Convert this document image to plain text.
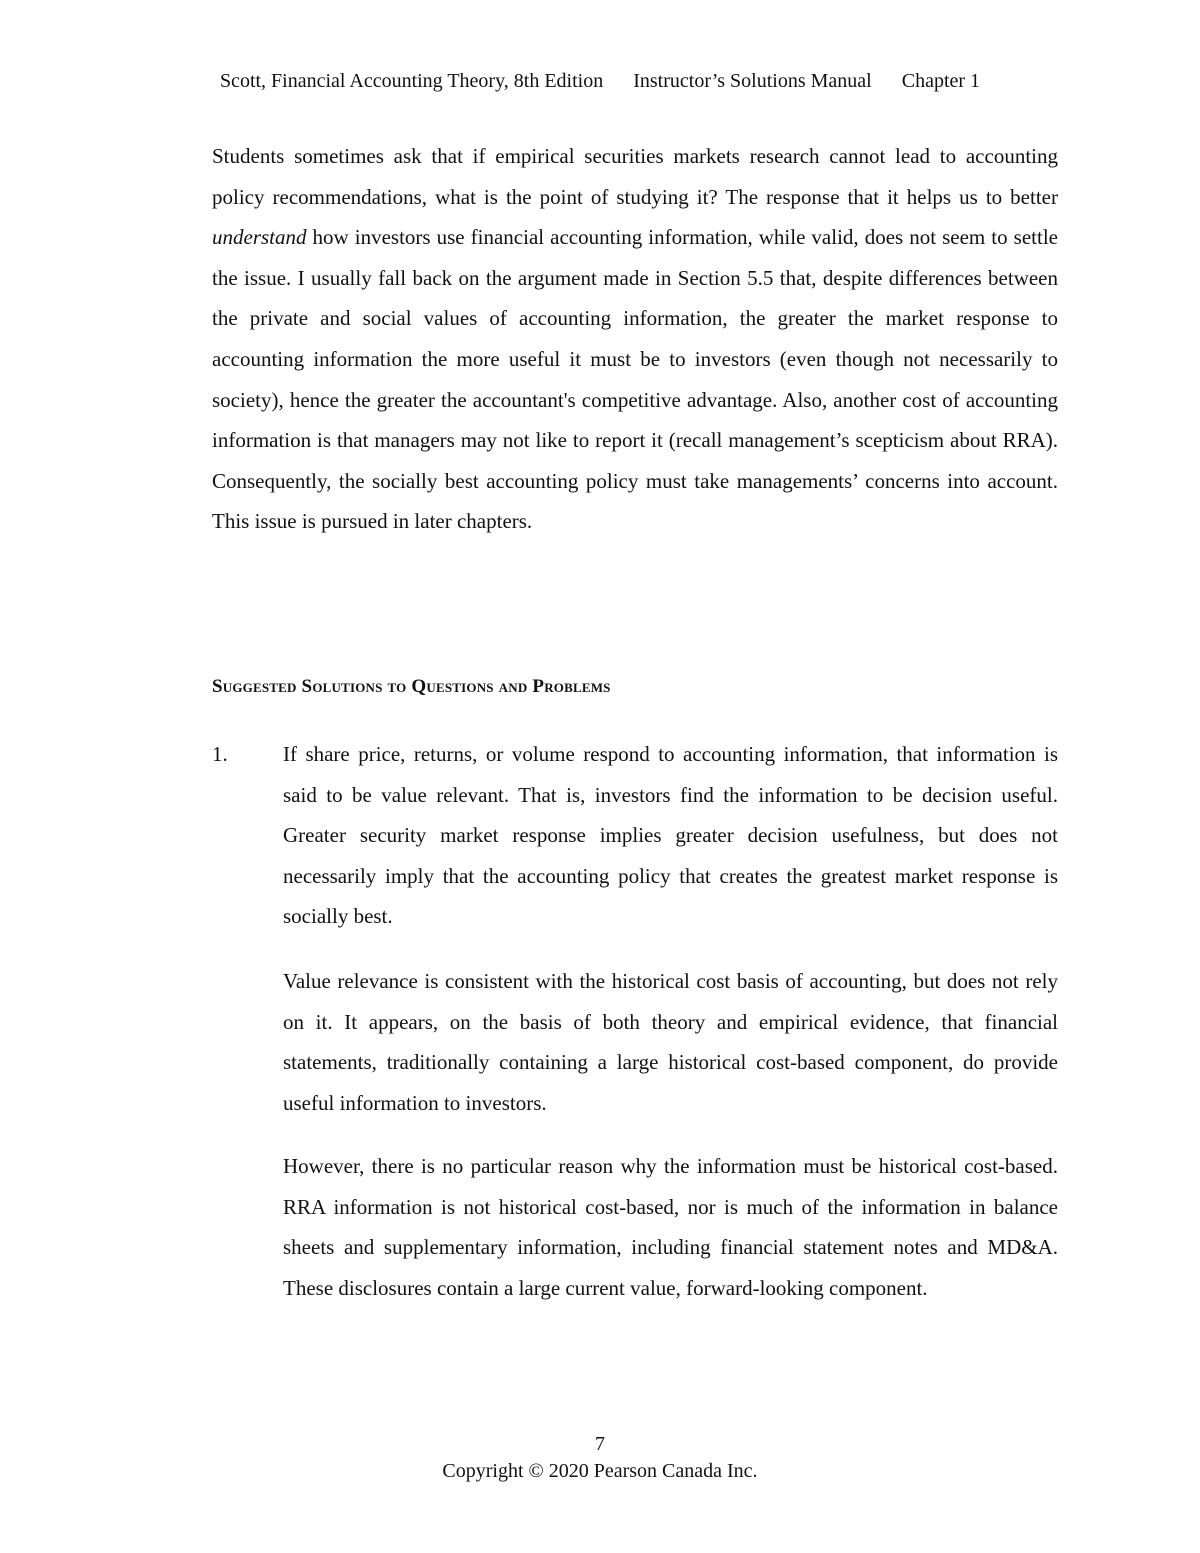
Scott, Financial Accounting Theory, 8th Edition Instructor’s Solutions Manual Chapter 1

Students sometimes ask that if empirical securities markets research cannot lead to accounting policy recommendations, what is the point of studying it? The response that it helps us to better understand how investors use financial accounting information, while valid, does not seem to settle the issue. I usually fall back on the argument made in Section 5.5 that, despite differences between the private and social values of accounting information, the greater the market response to accounting information the more useful it must be to investors (even though not necessarily to society), hence the greater the accountant's competitive advantage. Also, another cost of accounting information is that managers may not like to report it (recall management’s scepticism about RRA). Consequently, the socially best accounting policy must take managements’ concerns into account. This issue is pursued in later chapters.

Suggested Solutions to Questions and Problems
1.	If share price, returns, or volume respond to accounting information, that information is said to be value relevant. That is, investors find the information to be decision useful. Greater security market response implies greater decision usefulness, but does not necessarily imply that the accounting policy that creates the greatest market response is socially best.

Value relevance is consistent with the historical cost basis of accounting, but does not rely on it. It appears, on the basis of both theory and empirical evidence, that financial statements, traditionally containing a large historical cost-based component, do provide useful information to investors.

However, there is no particular reason why the information must be historical cost-based. RRA information is not historical cost-based, nor is much of the information in balance sheets and supplementary information, including financial statement notes and MD&A. These disclosures contain a large current value, forward-looking component.

7
Copyright © 2020 Pearson Canada Inc.
